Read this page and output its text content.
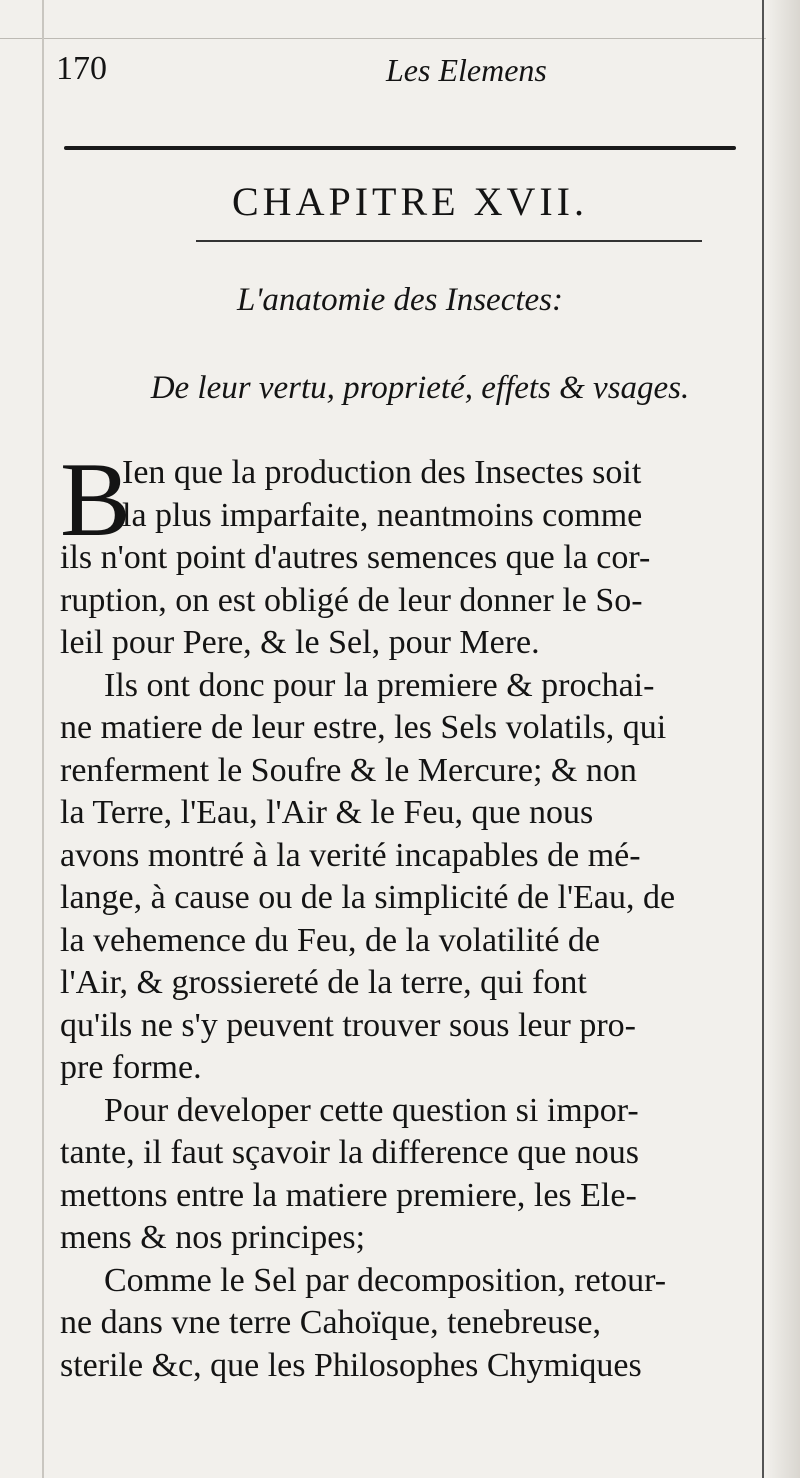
170	Les Elemens
CHAPITRE XVII.
L'anatomie des Insectes:
De leur vertu, proprieté, effets & vsages.
B
Ien que la production des Insectes soit
la plus imparfaite, neantmoins comme
ils n'ont point d'autres semences que la cor-
ruption, on est obligé de leur donner le So-
leil pour Pere, & le Sel, pour Mere.
Ils ont donc pour la premiere & prochai-
ne matiere de leur estre, les Sels volatils, qui
renferment le Soufre & le Mercure; & non
la Terre, l'Eau, l'Air & le Feu, que nous
avons montré à la verité incapables de mé-
lange, à cause ou de la simplicité de l'Eau, de
la vehemence du Feu, de la volatilité de
l'Air, & grossiereté de la terre, qui font
qu'ils ne s'y peuvent trouver sous leur pro-
pre forme.
Pour developer cette question si impor-
tante, il faut sçavoir la difference que nous
mettons entre la matiere premiere, les Ele-
mens & nos principes;
Comme le Sel par decomposition, retour-
ne dans vne terre Cahoïque, tenebreuse,
sterile &c, que les Philosophes Chymiques
